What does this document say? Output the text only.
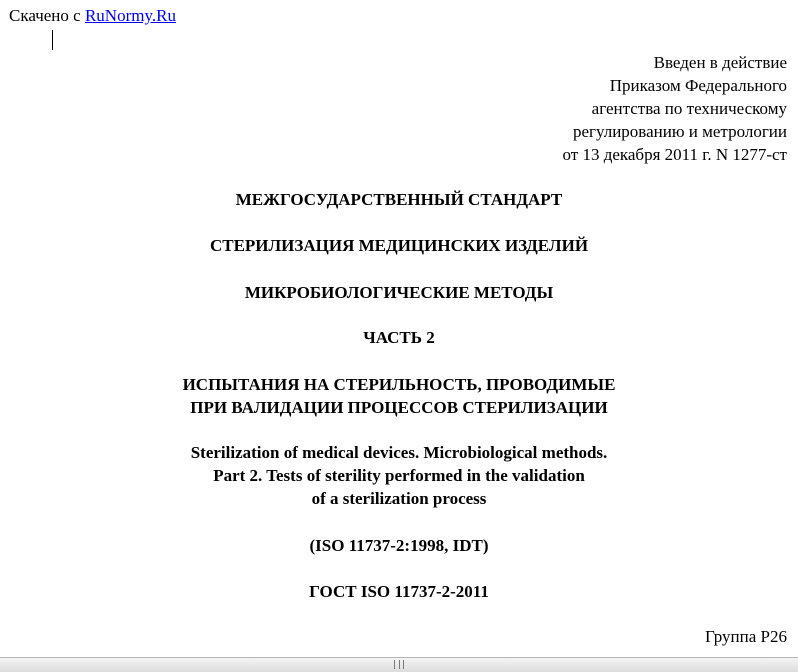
Скачено с RuNormy.Ru
Введен в действие
Приказом Федерального
агентства по техническому
регулированию и метрологии
от 13 декабря 2011 г. N 1277-ст
МЕЖГОСУДАРСТВЕННЫЙ СТАНДАРТ
СТЕРИЛИЗАЦИЯ МЕДИЦИНСКИХ ИЗДЕЛИЙ
МИКРОБИОЛОГИЧЕСКИЕ МЕТОДЫ
ЧАСТЬ 2
ИСПЫТАНИЯ НА СТЕРИЛЬНОСТЬ, ПРОВОДИМЫЕ
ПРИ ВАЛИДАЦИИ ПРОЦЕССОВ СТЕРИЛИЗАЦИИ
Sterilization of medical devices. Microbiological methods.
Part 2. Tests of sterility performed in the validation
of a sterilization process
(ISO 11737-2:1998, IDT)
ГОСТ ISO 11737-2-2011
Группа Р26
